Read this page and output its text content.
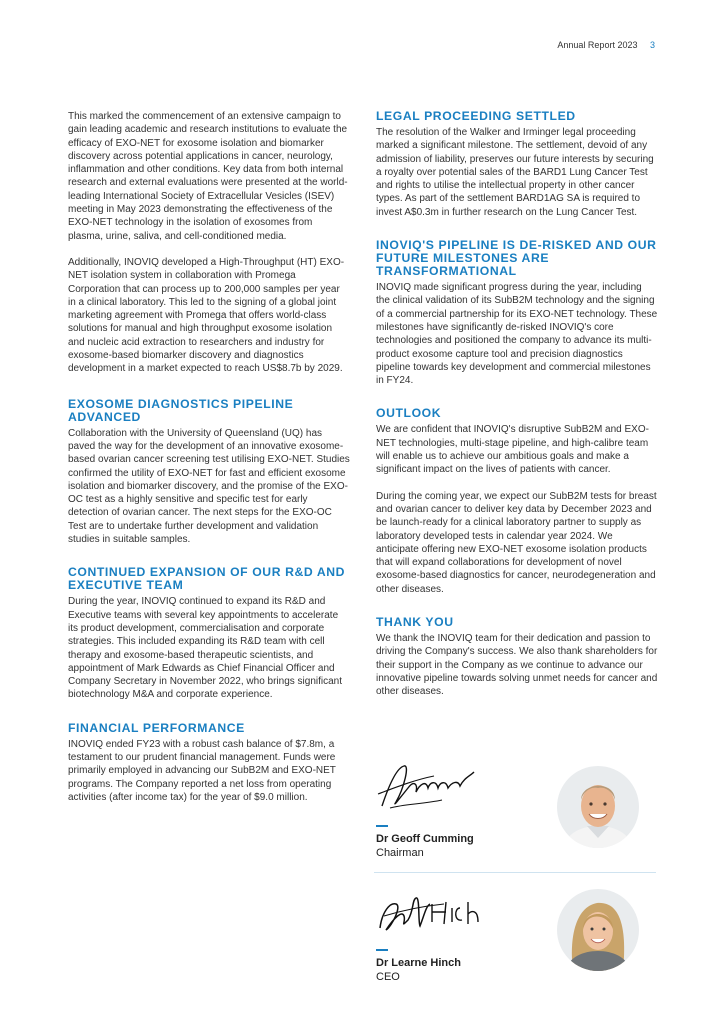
Annual Report 2023 3

This marked the commencement of an extensive campaign to gain leading academic and research institutions to evaluate the efficacy of EXO-NET for exosome isolation and biomarker discovery across potential applications in cancer, neurology, inflammation and other conditions. Key data from both internal research and external evaluations were presented at the world-leading International Society of Extracellular Vesicles (ISEV) meeting in May 2023 demonstrating the effectiveness of the EXO-NET technology in the isolation of exosomes from plasma, urine, saliva, and cell-conditioned media.

Additionally, INOVIQ developed a High-Throughput (HT) EXO-NET isolation system in collaboration with Promega Corporation that can process up to 200,000 samples per year in a clinical laboratory. This led to the signing of a global joint marketing agreement with Promega that offers world-class solutions for manual and high throughput exosome isolation and nucleic acid extraction to researchers and industry for exosome-based biomarker discovery and diagnostics development in a market expected to reach US$8.7b by 2029.

EXOSOME DIAGNOSTICS PIPELINE ADVANCED

Collaboration with the University of Queensland (UQ) has paved the way for the development of an innovative exosome-based ovarian cancer screening test utilising EXO-NET. Studies confirmed the utility of EXO-NET for fast and efficient exosome isolation and biomarker discovery, and the promise of the EXO-OC test as a highly sensitive and specific test for early detection of ovarian cancer. The next steps for the EXO-OC Test are to undertake further development and validation studies in suitable samples.

CONTINUED EXPANSION OF OUR R&D AND EXECUTIVE TEAM

During the year, INOVIQ continued to expand its R&D and Executive teams with several key appointments to accelerate its product development, commercialisation and corporate strategies. This included expanding its R&D team with cell therapy and exosome-based therapeutic scientists, and appointment of Mark Edwards as Chief Financial Officer and Company Secretary in November 2022, who brings significant biotechnology M&A and corporate experience.

FINANCIAL PERFORMANCE

INOVIQ ended FY23 with a robust cash balance of $7.8m, a testament to our prudent financial management. Funds were primarily employed in advancing our SubB2M and EXO-NET programs. The Company reported a net loss from operating activities (after income tax) for the year of $9.0 million.

LEGAL PROCEEDING SETTLED

The resolution of the Walker and Irminger legal proceeding marked a significant milestone. The settlement, devoid of any admission of liability, preserves our future interests by securing a royalty over potential sales of the BARD1 Lung Cancer Test and rights to utilise the intellectual property in other cancer types. As part of the settlement BARD1AG SA is required to invest A$0.3m in further research on the Lung Cancer Test.

INOVIQ'S PIPELINE IS DE-RISKED AND OUR FUTURE MILESTONES ARE TRANSFORMATIONAL

INOVIQ made significant progress during the year, including the clinical validation of its SubB2M technology and the signing of a commercial partnership for its EXO-NET technology. These milestones have significantly de-risked INOVIQ's core technologies and positioned the company to advance its multi-product exosome capture tool and precision diagnostics pipeline towards key development and commercial milestones in FY24.

OUTLOOK

We are confident that INOVIQ's disruptive SubB2M and EXO-NET technologies, multi-stage pipeline, and high-calibre team will enable us to achieve our ambitious goals and make a significant impact on the lives of patients with cancer.

During the coming year, we expect our SubB2M tests for breast and ovarian cancer to deliver key data by December 2023 and be launch-ready for a clinical laboratory partner to supply as laboratory developed tests in calendar year 2024. We anticipate offering new EXO-NET exosome isolation products that will expand collaborations for development of novel exosome-based diagnostics for cancer, neurodegeneration and other diseases.

THANK YOU

We thank the INOVIQ team for their dedication and passion to driving the Company's success. We also thank shareholders for their support in the Company as we continue to advance our innovative pipeline towards solving unmet needs for cancer and other diseases.

Dr Geoff Cumming
Chairman
Dr Learne Hinch
CEO
